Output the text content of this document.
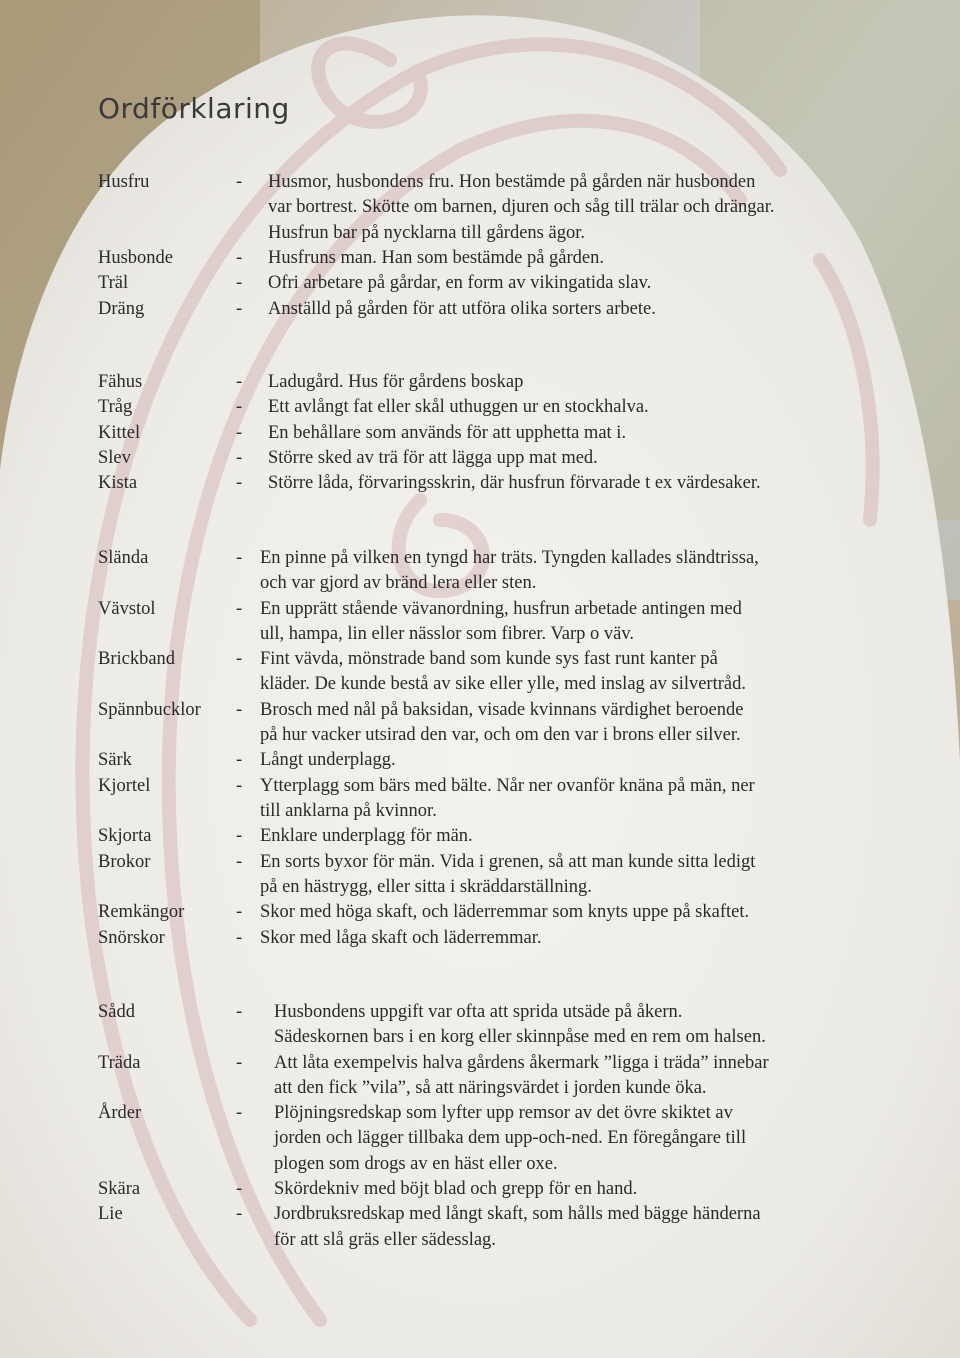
Ordförklaring
Husfru	- Husmor, husbondens fru. Hon bestämde på gården när husbonden
var bortrest. Skötte om barnen, djuren och såg till trälar och drängar.
Husfrun bar på nycklarna till gårdens ägor.

Husbonde	- Husfruns man. Han som bestämde på gården.

Träl	- Ofri arbetare på gårdar, en form av vikingatida slav.

Dräng	- Anställd på gården för att utföra olika sorters arbete.

Fähus	- Ladugård. Hus för gårdens boskap

Tråg	- Ett avlångt fat eller skål uthuggen ur en stockhalva.

Kittel	- En behållare som används för att upphetta mat i.

Slev	- Större sked av trä för att lägga upp mat med.

Kista	- Större låda, förvaringsskrin, där husfrun förvarade t ex värdesaker.

Slända	- En pinne på vilken en tyngd har träts. Tyngden kallades sländtrissa,
och var gjord av bränd lera eller sten.

Vävstol	- En upprätt stående vävanordning, husfrun arbetade antingen med
ull, hampa, lin eller nässlor som fibrer. Varp o väv.

Brickband	- Fint vävda, mönstrade band som kunde sys fast runt kanter på
kläder. De kunde bestå av sike eller ylle, med inslag av silvertråd.

Spännbucklor - Brosch med nål på baksidan, visade kvinnans värdighet beroende
på hur vacker utsirad den var, och om den var i brons eller silver.

Särk	- Långt underplagg.

Kjortel	- Ytterplagg som bärs med bälte. Når ner ovanför knäna på män, ner
till anklarna på kvinnor.

Skjorta	- Enklare underplagg för män.

Brokor	- En sorts byxor för män. Vida i grenen, så att man kunde sitta ledigt
på en hästrygg, eller sitta i skräddarställning.

Remkängor	- Skor med höga skaft, och läderremmar som knyts uppe på skaftet.

Snörskor	- Skor med låga skaft och läderremmar.

Sådd	- Husbondens uppgift var ofta att sprida utsäde på åkern.
Sädeskornen bars i en korg eller skinnpåse med en rem om halsen.

Träda	- Att låta exempelvis halva gårdens åkermark ”ligga i träda” innebar
att den fick ”vila”, så att näringsvärdet i jorden kunde öka.

Årder	- Plöjningsredskap som lyfter upp remsor av det övre skiktet av
jorden och lägger tillbaka dem upp-och-ned. En föregångare till
plogen som drogs av en häst eller oxe.

Skära	- Skördekniv med böjt blad och grepp för en hand.

Lie	- Jordbruksredskap med långt skaft, som hålls med bägge händerna
för att slå gräs eller sädesslag.
